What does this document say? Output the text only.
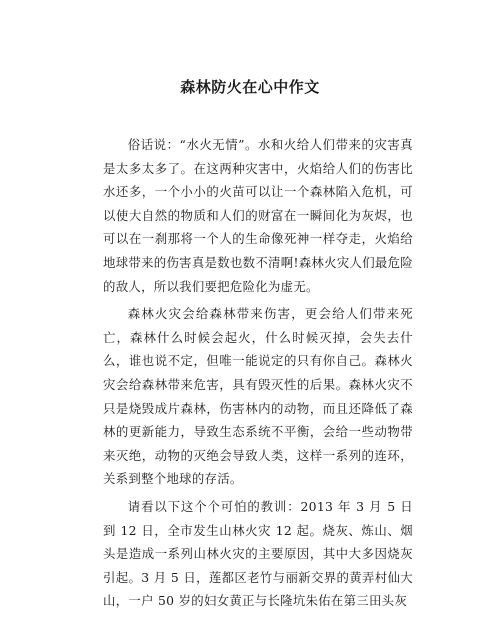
森林防火在心中作文

俗话说：“水火无情”。水和火给人们带来的灾害真是太多太多了。在这两种灾害中，火焰给人们的伤害比水还多，一个小小的火苗可以让一个森林陷入危机，可以使大自然的物质和人们的财富在一瞬间化为灰烬，也可以在一刹那将一个人的生命像死神一样夺走，火焰给地球带来的伤害真是数也数不清啊!森林火灾人们最危险的敌人，所以我们要把危险化为虚无。

森林火灾会给森林带来伤害，更会给人们带来死亡，森林什么时候会起火，什么时候灭掉，会失去什么，谁也说不定，但唯一能说定的只有你自己。森林火灾会给森林带来危害，具有毁灭性的后果。森林火灾不只是烧毁成片森林，伤害林内的动物，而且还降低了森林的更新能力，导致生态系统不平衡，会给一些动物带来灭绝，动物的灭绝会导致人类，这样一系列的连环，关系到整个地球的存活。

请看以下这个个可怕的教训：2013 年 3 月 5 日到 12 日，全市发生山林火灾 12 起。烧灰、炼山、烟头是造成一系列山林火灾的主要原因，其中大多因烧灰引起。3 月 5 日，莲都区老竹与丽新交界的黄弄村仙大山，一户 50 岁的妇女黄正与长隆坑朱佑在第三田头灰
